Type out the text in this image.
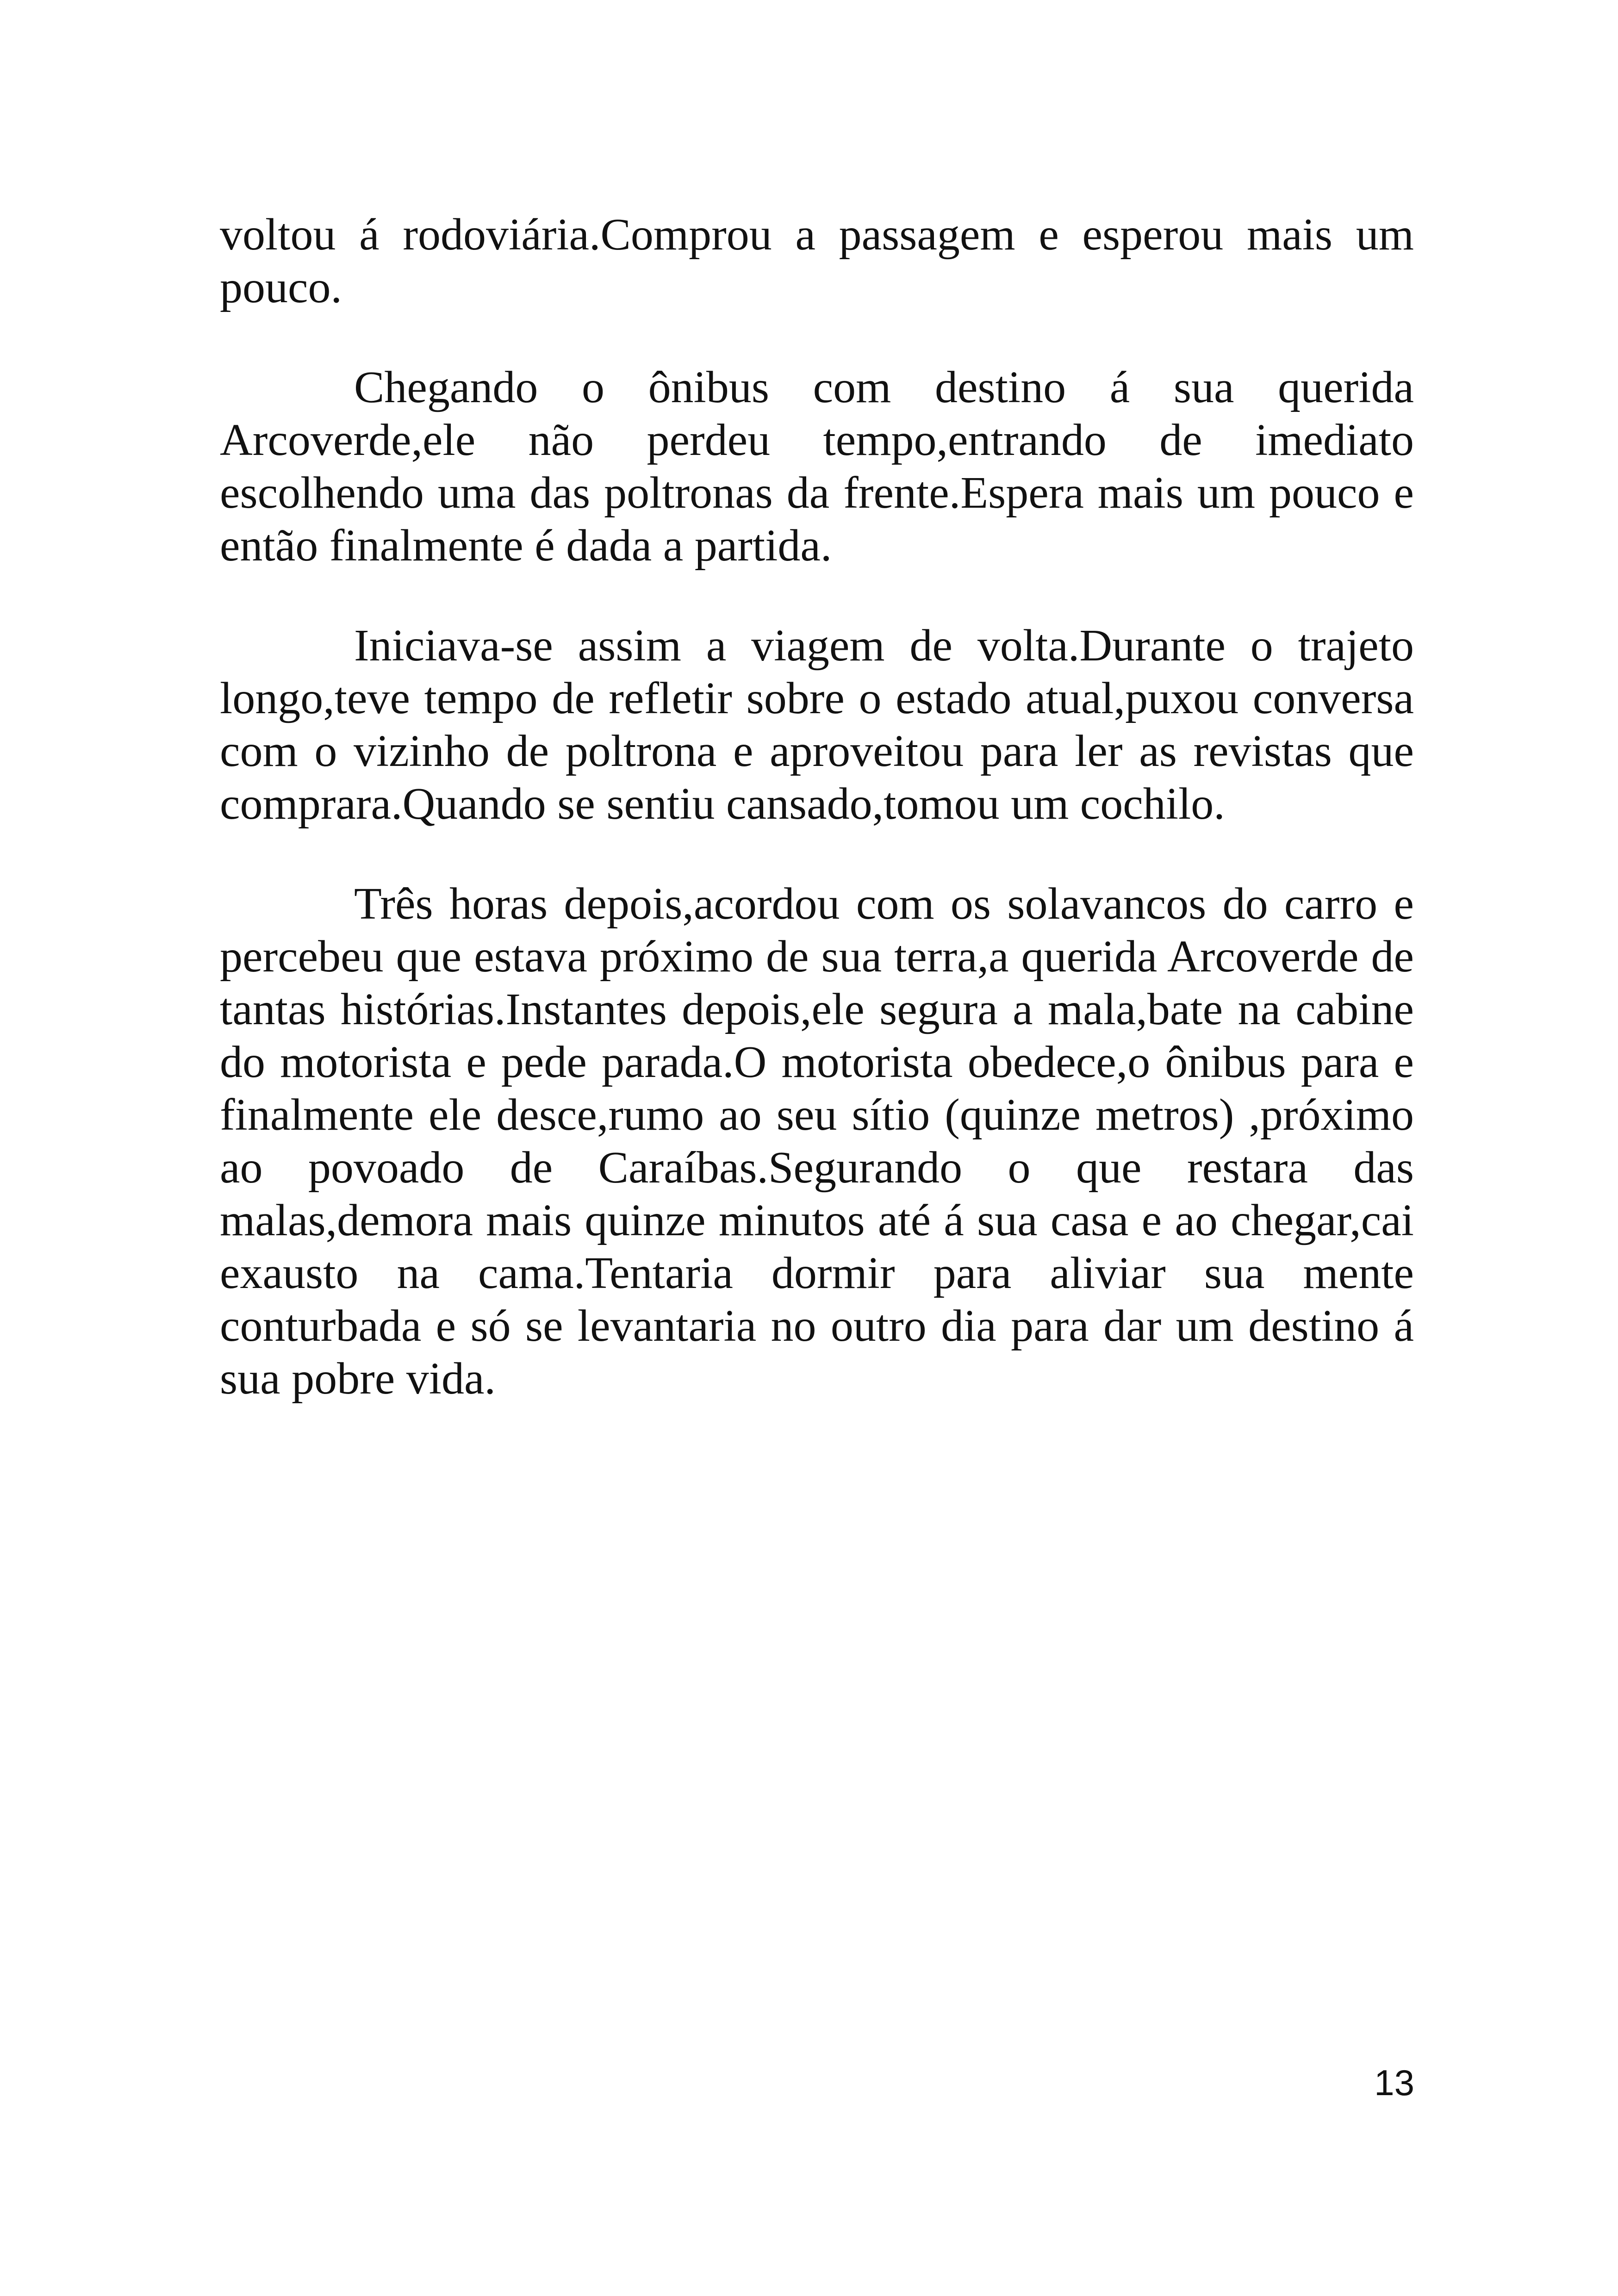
voltou á rodoviária.Comprou a passagem e esperou mais um pouco.

Chegando o ônibus com destino á sua querida Arcoverde,ele não perdeu tempo,entrando de imediato escolhendo uma das poltronas da frente.Espera mais um pouco e então finalmente é dada a partida.

Iniciava-se assim a viagem de volta.Durante o trajeto longo,teve tempo de refletir sobre o estado atual,puxou conversa com o vizinho de poltrona e aproveitou para ler as revistas que comprara.Quando se sentiu cansado,tomou um cochilo.

Três horas depois,acordou com os solavancos do carro e percebeu que estava próximo de sua terra,a querida Arcoverde de tantas histórias.Instantes depois,ele segura a mala,bate na cabine do motorista e pede parada.O motorista obedece,o ônibus para e finalmente ele desce,rumo ao seu sítio (quinze metros) ,próximo ao povoado de Caraíbas.Segurando o que restara das malas,demora mais quinze minutos até á sua casa e ao chegar,cai exausto na cama.Tentaria dormir para aliviar sua mente conturbada e só se levantaria no outro dia para dar um destino á sua pobre vida.

13
